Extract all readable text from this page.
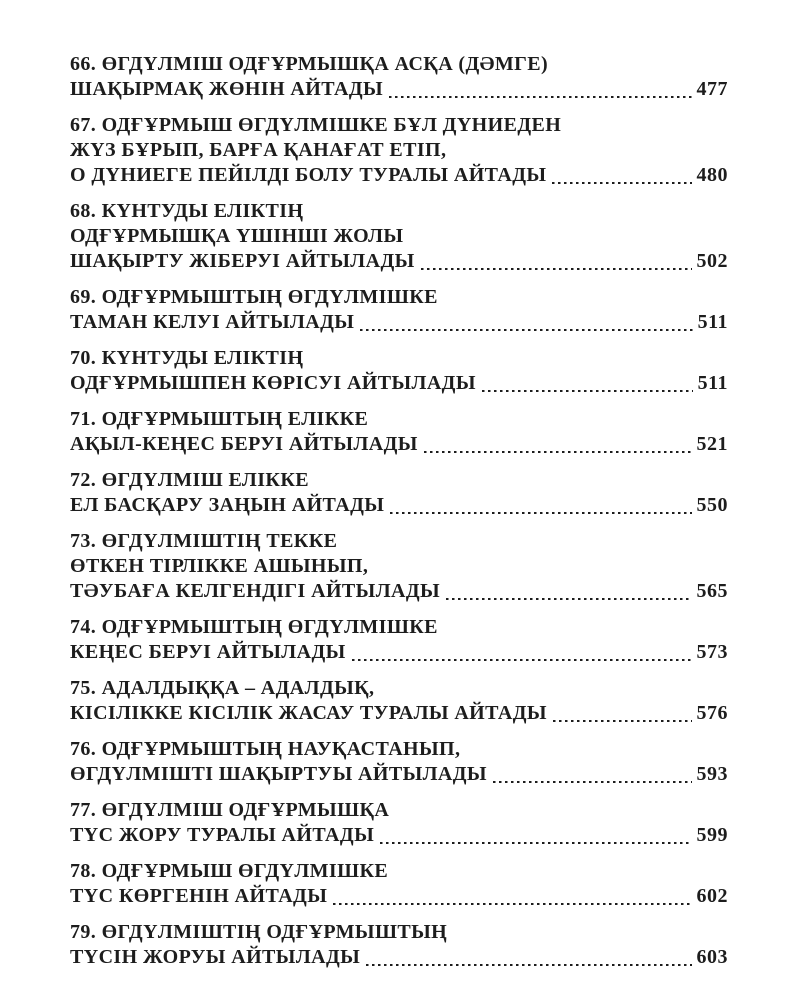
66. ӨГДҮЛМІШ ОДҒҰРМЫШҚА АСҚА (ДӘМГЕ)
ШАҚЫРМАҚ ЖӨНІН АЙТАДЫ	477
67. ОДҒҰРМЫШ ӨГДҮЛМІШКЕ БҰЛ ДҮНИЕДЕН
ЖҮЗ БҰРЫП, БАРҒА ҚАНАҒАТ ЕТІП,
О ДҮНИЕГЕ ПЕЙІЛДІ БОЛУ ТУРАЛЫ АЙТАДЫ	480
68. КҮНТУДЫ ЕЛІКТІҢ
ОДҒҰРМЫШҚА ҮШІНШІ ЖОЛЫ
ШАҚЫРТУ ЖІБЕРУІ АЙТЫЛАДЫ	502
69. ОДҒҰРМЫШТЫҢ ӨГДҮЛМІШКЕ
ТАМАН КЕЛУІ АЙТЫЛАДЫ	511
70. КҮНТУДЫ ЕЛІКТІҢ
ОДҒҰРМЫШПЕН КӨРІСУІ АЙТЫЛАДЫ	511
71. ОДҒҰРМЫШТЫҢ ЕЛІККЕ
АҚЫЛ-КЕҢЕС БЕРУІ АЙТЫЛАДЫ	521
72. ӨГДҮЛМІШ ЕЛІККЕ
ЕЛ БАСҚАРУ ЗАҢЫН АЙТАДЫ	550
73. ӨГДҮЛМІШТІҢ ТЕККЕ
ӨТКЕН ТІРЛІККЕ АШЫНЫП,
ТӘУБАҒА КЕЛГЕНДІГІ АЙТЫЛАДЫ	565
74. ОДҒҰРМЫШТЫҢ ӨГДҮЛМІШКЕ
КЕҢЕС БЕРУІ АЙТЫЛАДЫ	573
75. АДАЛДЫҚҚА – АДАЛДЫҚ,
КІСІЛІККЕ КІСІЛІК ЖАСАУ ТУРАЛЫ АЙТАДЫ	576
76. ОДҒҰРМЫШТЫҢ НАУҚАСТАНЫП,
ӨГДҮЛМІШТІ ШАҚЫРТУЫ АЙТЫЛАДЫ	593
77. ӨГДҮЛМІШ ОДҒҰРМЫШҚА
ТҮС ЖОРУ ТУРАЛЫ АЙТАДЫ	599
78. ОДҒҰРМЫШ ӨГДҮЛМІШКЕ
ТҮС КӨРГЕНІН АЙТАДЫ	602
79. ӨГДҮЛМІШТІҢ ОДҒҰРМЫШТЫҢ
ТҮСІН ЖОРУЫ АЙТЫЛАДЫ	603
